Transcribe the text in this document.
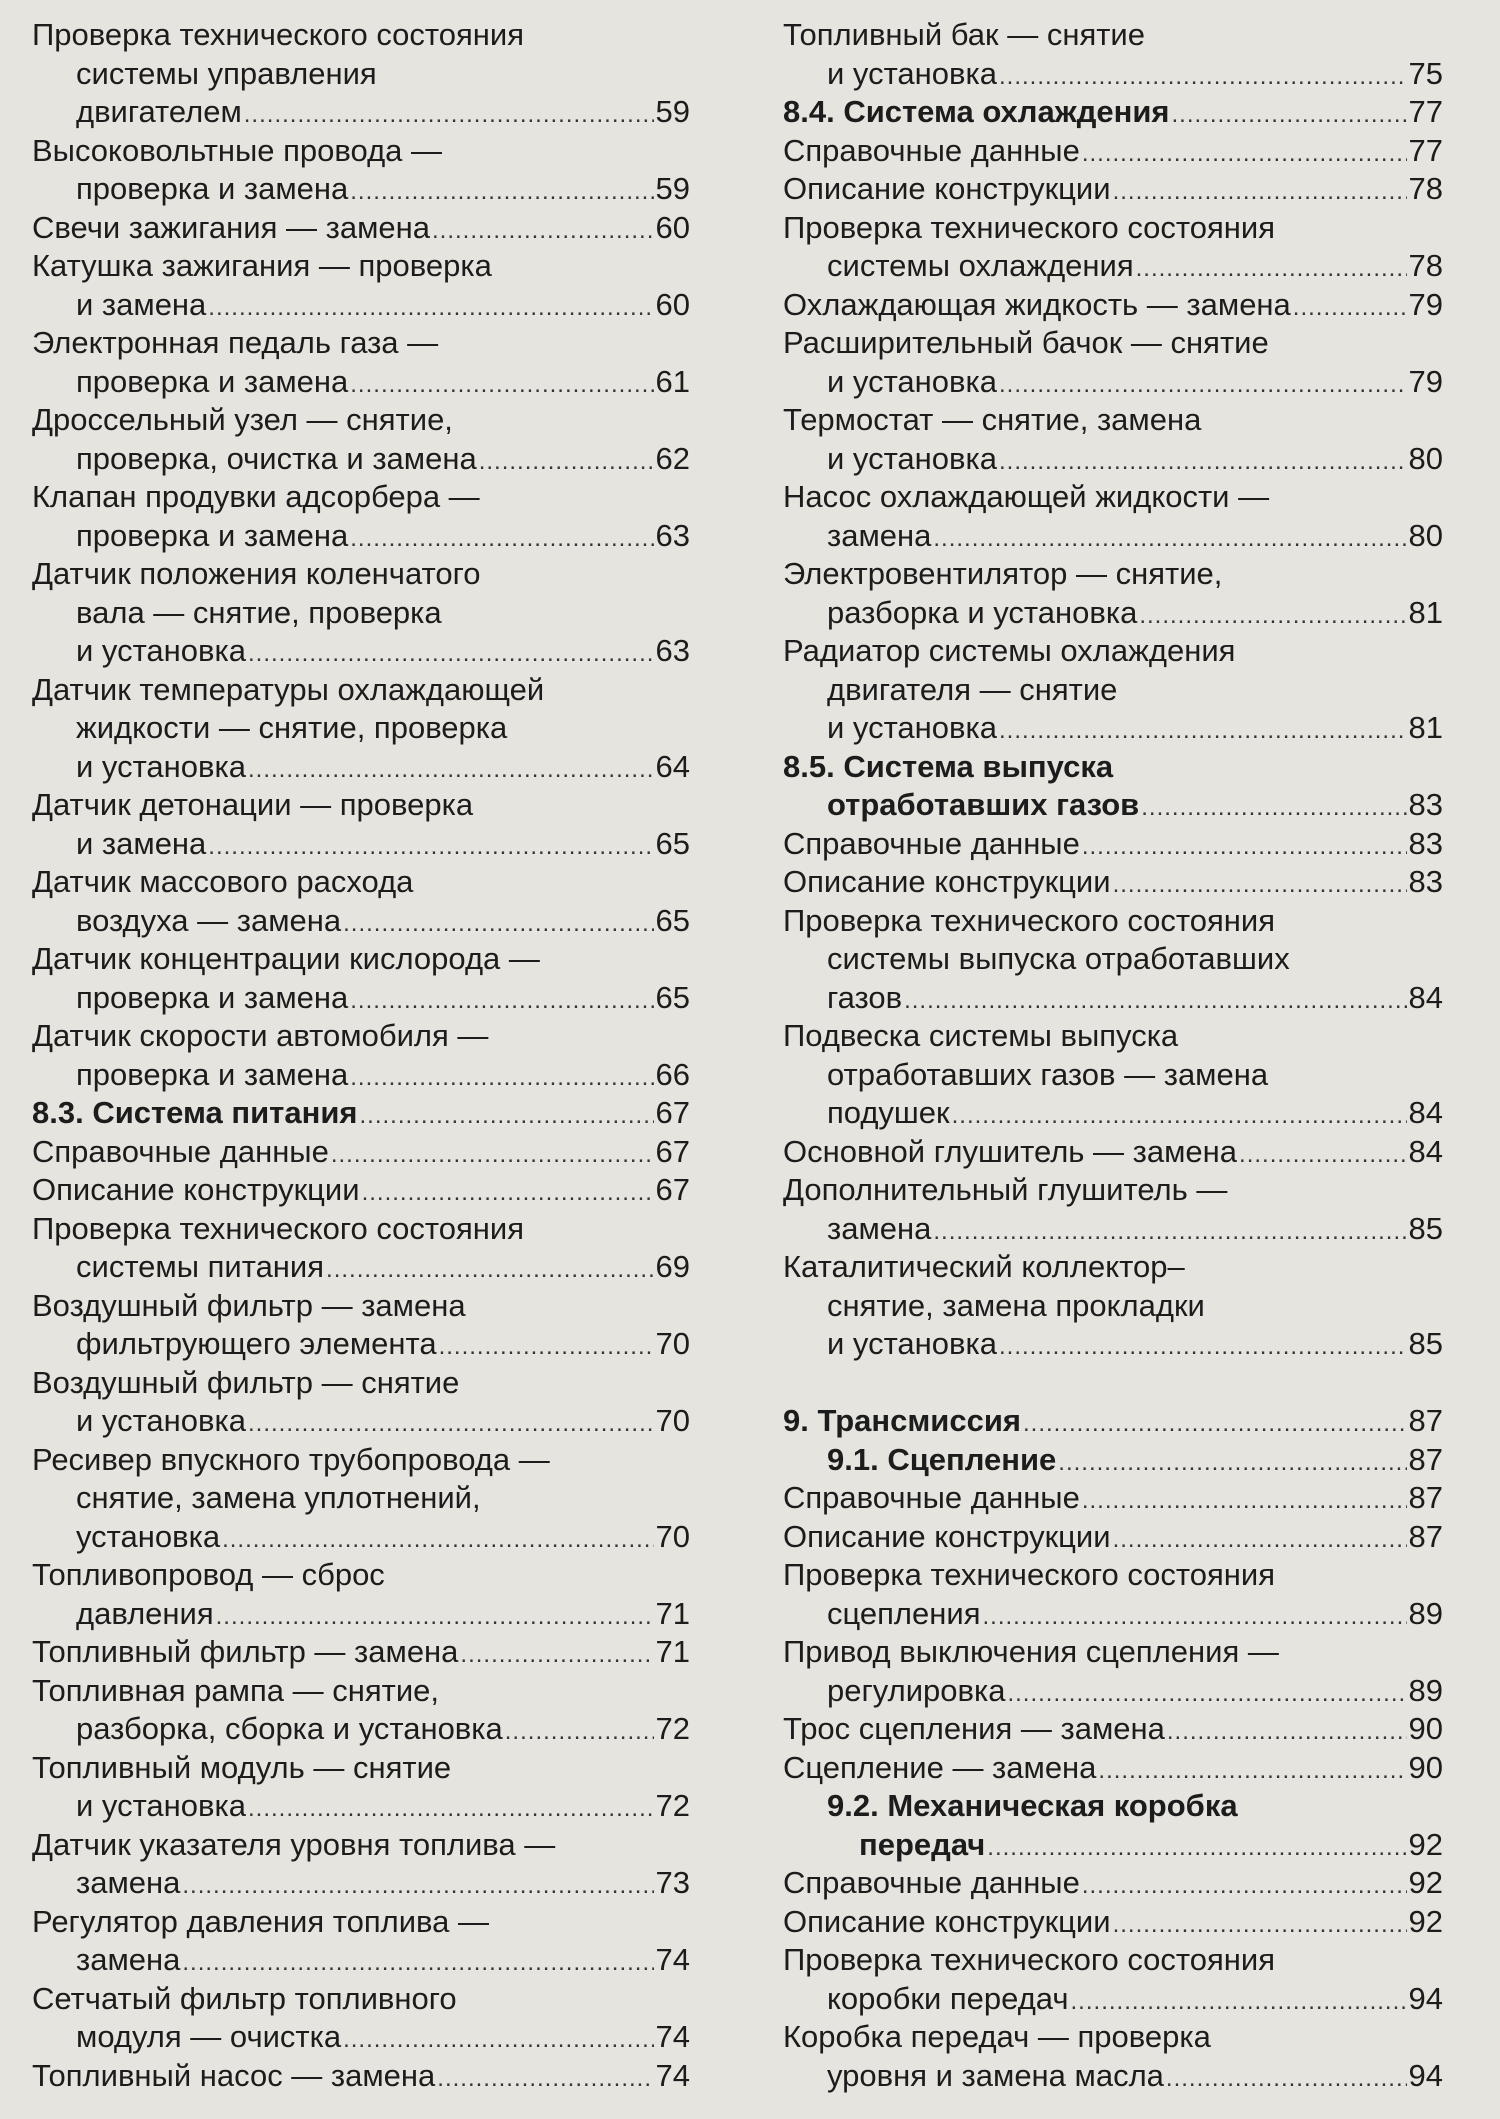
Проверка технического состояния
системы управления
двигателем .....	59
Высоковольтные провода —
проверка и замена .....	59
Свечи зажигания — замена .....	60
Катушка зажигания — проверка
и замена .....	60
Электронная педаль газа —
проверка и замена .....	61
Дроссельный узел — снятие,
проверка, очистка и замена .....	62
Клапан продувки адсорбера —
проверка и замена .....	63
Датчик положения коленчатого
вала — снятие, проверка
и установка .....	63
Датчик температуры охлаждающей
жидкости — снятие, проверка
и установка .....	64
Датчик детонации — проверка
и замена .....	65
Датчик массового расхода
воздуха — замена .....	65
Датчик концентрации кислорода —
проверка и замена .....	65
Датчик скорости автомобиля —
проверка и замена .....	66
8.3. Система питания .....	67
Справочные данные .....	67
Описание конструкции .....	67
Проверка технического состояния
системы питания .....	69
Воздушный фильтр — замена
фильтрующего элемента .....	70
Воздушный фильтр — снятие
и установка .....	70
Ресивер впускного трубопровода —
снятие, замена уплотнений,
установка .....	70
Топливопровод — сброс
давления .....	71
Топливный фильтр — замена .....	71
Топливная рампа — снятие,
разборка, сборка и установка .....	72
Топливный модуль — снятие
и установка .....	72
Датчик указателя уровня топлива —
замена .....	73
Регулятор давления топлива —
замена .....	74
Сетчатый фильтр топливного
модуля — очистка .....	74
Топливный насос — замена .....	74
Топливный бак — снятие
и установка .....	75
8.4. Система охлаждения .....	77
Справочные данные .....	77
Описание конструкции .....	78
Проверка технического состояния
системы охлаждения .....	78
Охлаждающая жидкость — замена .....	79
Расширительный бачок — снятие
и установка .....	79
Термостат — снятие, замена
и установка .....	80
Насос охлаждающей жидкости —
замена .....	80
Электровентилятор — снятие,
разборка и установка .....	81
Радиатор системы охлаждения
двигателя — снятие
и установка .....	81
8.5. Система выпуска
отработавших газов .....	83
Справочные данные .....	83
Описание конструкции .....	83
Проверка технического состояния
системы выпуска отработавших
газов .....	84
Подвеска системы выпуска
отработавших газов — замена
подушек .....	84
Основной глушитель — замена .....	84
Дополнительный глушитель —
замена .....	85
Каталитический коллектор–
снятие, замена прокладки
и установка .....	85
9. Трансмиссия .....	87
9.1. Сцепление .....	87
Справочные данные .....	87
Описание конструкции .....	87
Проверка технического состояния
сцепления .....	89
Привод выключения сцепления —
регулировка .....	89
Трос сцепления — замена .....	90
Сцепление — замена .....	90
9.2. Механическая коробка
передач .....	92
Справочные данные .....	92
Описание конструкции .....	92
Проверка технического состояния
коробки передач .....	94
Коробка передач — проверка
уровня и замена масла .....	94
